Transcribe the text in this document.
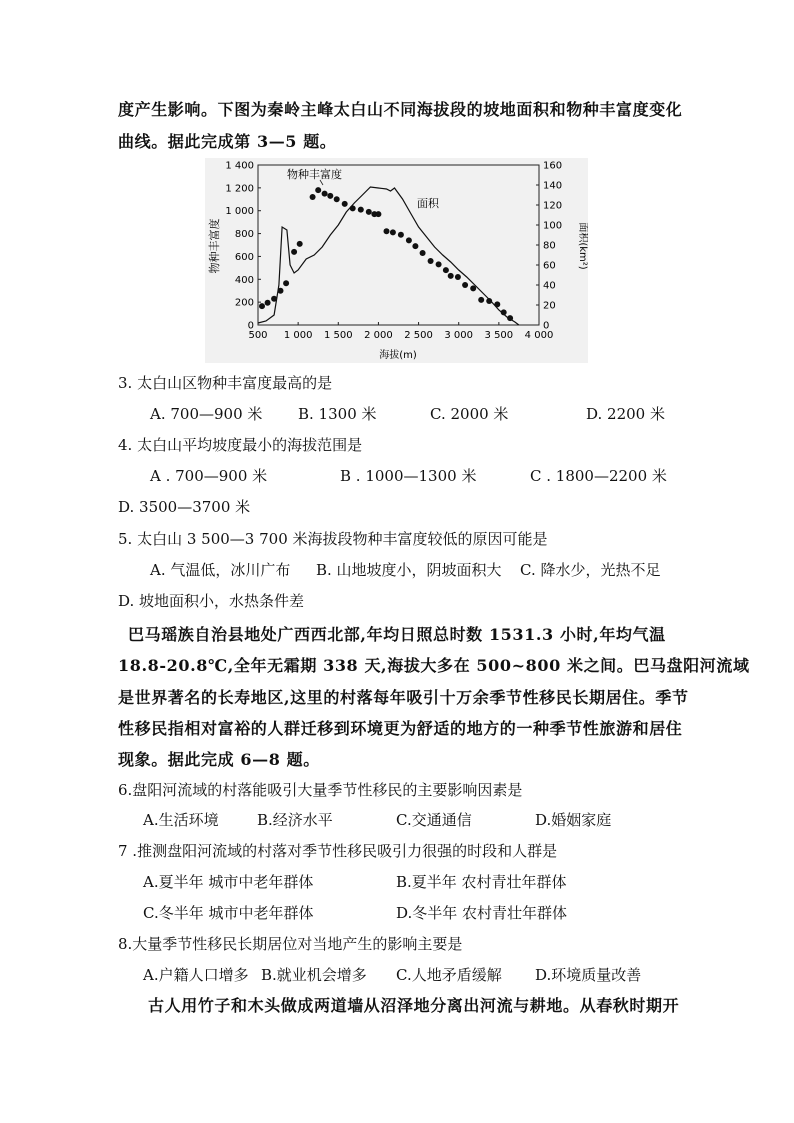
度产生影响。下图为秦岭主峰太白山不同海拔段的坡地面积和物种丰富度变化
曲线。据此完成第 3—5 题。
500 1 000 1 500 2 000 2 500 3 000 3 500 4 000
0
200
400
600
800
1 000
1 200
1 400
0
20
40
60
80
100
120
140
160
物种丰富度	面积(km²)
海拔(m)
物种丰富度
面积
3. 太白山区物种丰富度最高的是
A. 700—900 米 B. 1300 米	C. 2000 米	D. 2200 米
4. 太白山平均坡度最小的海拔范围是
A . 700—900 米	B . 1000—1300 米	C . 1800—2200 米
D. 3500—3700 米
5. 太白山 3 500—3 700 米海拔段物种丰富度较低的原因可能是
A. 气温低，冰川广布 B. 山地坡度小，阴坡面积大 C. 降水少，光热不足
D. 坡地面积小，水热条件差
巴马瑶族自治县地处广西西北部,年均日照总时数 1531.3 小时,年均气温
18.8-20.8℃,全年无霜期 338 天,海拔大多在 500~800 米之间。巴马盘阳河流域
是世界著名的长寿地区,这里的村落每年吸引十万余季节性移民长期居住。季节
性移民指相对富裕的人群迁移到环境更为舒适的地方的一种季节性旅游和居住
现象。据此完成 6—8 题。
6.盘阳河流域的村落能吸引大量季节性移民的主要影响因素是
A.生活环境	B.经济水平	C.交通通信	D.婚姻家庭
7 .推测盘阳河流域的村落对季节性移民吸引力很强的时段和人群是
A.夏半年 城市中老年群体	B.夏半年 农村青壮年群体
C.冬半年 城市中老年群体	D.冬半年 农村青壮年群体
8.大量季节性移民长期居位对当地产生的影响主要是
A.户籍人口增多 B.就业机会增多 C.人地矛盾缓解 D.环境质量改善
古人用竹子和木头做成两道墙从沼泽地分离出河流与耕地。从春秋时期开
